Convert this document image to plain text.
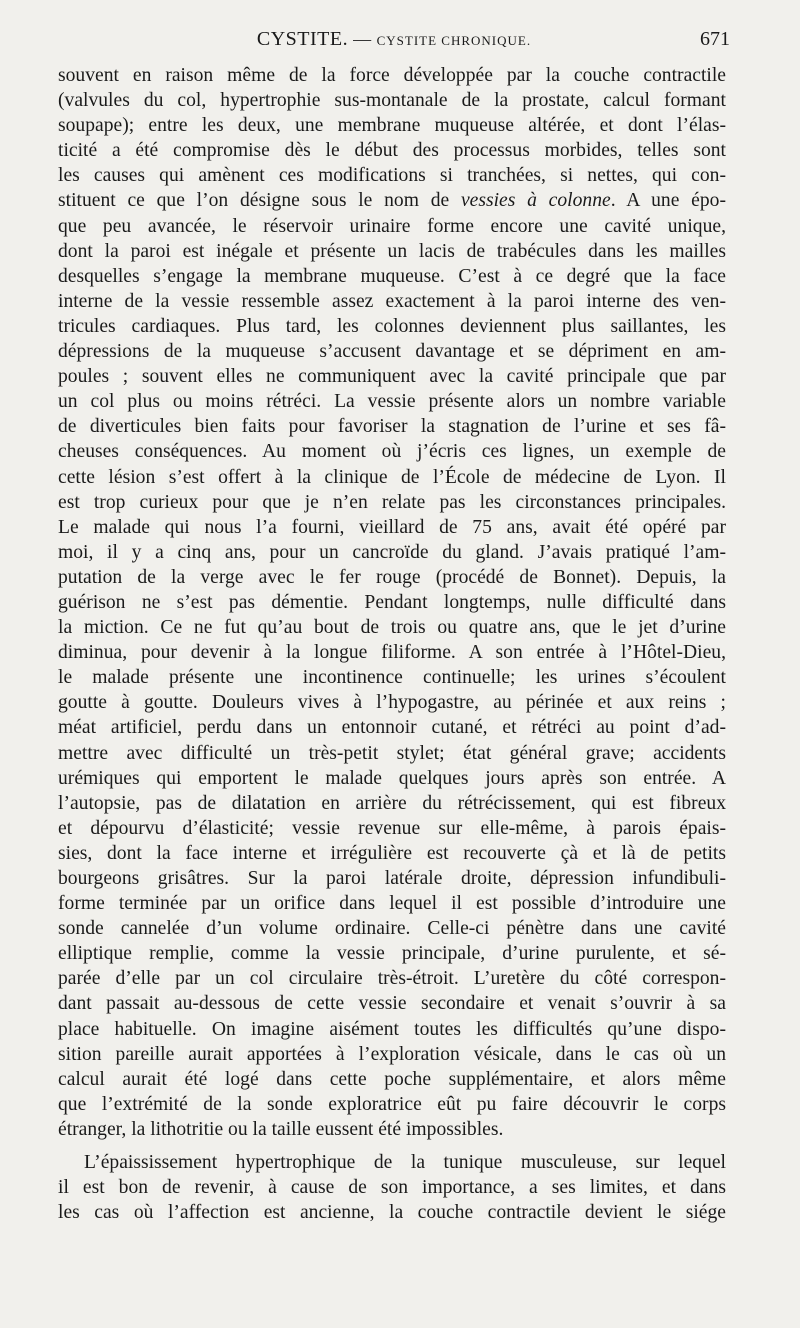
CYSTITE. — CYSTITE CHRONIQUE.	671
souvent en raison même de la force développée par la couche contractile
(valvules du col, hypertrophie sus-montanale de la prostate, calcul formant
soupape); entre les deux, une membrane muqueuse altérée, et dont l’élas-
ticité a été compromise dès le début des processus morbides, telles sont
les causes qui amènent ces modifications si tranchées, si nettes, qui con-
stituent ce que l’on désigne sous le nom de vessies à colonne. A une épo-
que peu avancée, le réservoir urinaire forme encore une cavité unique,
dont la paroi est inégale et présente un lacis de trabécules dans les mailles
desquelles s’engage la membrane muqueuse. C’est à ce degré que la face
interne de la vessie ressemble assez exactement à la paroi interne des ven-
tricules cardiaques. Plus tard, les colonnes deviennent plus saillantes, les
dépressions de la muqueuse s’accusent davantage et se dépriment en am-
poules ; souvent elles ne communiquent avec la cavité principale que par
un col plus ou moins rétréci. La vessie présente alors un nombre variable
de diverticules bien faits pour favoriser la stagnation de l’urine et ses fâ-
cheuses conséquences. Au moment où j’écris ces lignes, un exemple de
cette lésion s’est offert à la clinique de l’École de médecine de Lyon. Il
est trop curieux pour que je n’en relate pas les circonstances principales.
Le malade qui nous l’a fourni, vieillard de 75 ans, avait été opéré par
moi, il y a cinq ans, pour un cancroïde du gland. J’avais pratiqué l’am-
putation de la verge avec le fer rouge (procédé de Bonnet). Depuis, la
guérison ne s’est pas démentie. Pendant longtemps, nulle difficulté dans
la miction. Ce ne fut qu’au bout de trois ou quatre ans, que le jet d’urine
diminua, pour devenir à la longue filiforme. A son entrée à l’Hôtel-Dieu,
le malade présente une incontinence continuelle; les urines s’écoulent
goutte à goutte. Douleurs vives à l’hypogastre, au périnée et aux reins ;
méat artificiel, perdu dans un entonnoir cutané, et rétréci au point d’ad-
mettre avec difficulté un très-petit stylet; état général grave; accidents
urémiques qui emportent le malade quelques jours après son entrée. A
l’autopsie, pas de dilatation en arrière du rétrécissement, qui est fibreux
et dépourvu d’élasticité; vessie revenue sur elle-même, à parois épais-
sies, dont la face interne et irrégulière est recouverte çà et là de petits
bourgeons grisâtres. Sur la paroi latérale droite, dépression infundibuli-
forme terminée par un orifice dans lequel il est possible d’introduire une
sonde cannelée d’un volume ordinaire. Celle-ci pénètre dans une cavité
elliptique remplie, comme la vessie principale, d’urine purulente, et sé-
parée d’elle par un col circulaire très-étroit. L’uretère du côté correspon-
dant passait au-dessous de cette vessie secondaire et venait s’ouvrir à sa
place habituelle. On imagine aisément toutes les difficultés qu’une dispo-
sition pareille aurait apportées à l’exploration vésicale, dans le cas où un
calcul aurait été logé dans cette poche supplémentaire, et alors même
que l’extrémité de la sonde exploratrice eût pu faire découvrir le corps
étranger, la lithotritie ou la taille eussent été impossibles.
L’épaississement hypertrophique de la tunique musculeuse, sur lequel
il est bon de revenir, à cause de son importance, a ses limites, et dans
les cas où l’affection est ancienne, la couche contractile devient le siége
